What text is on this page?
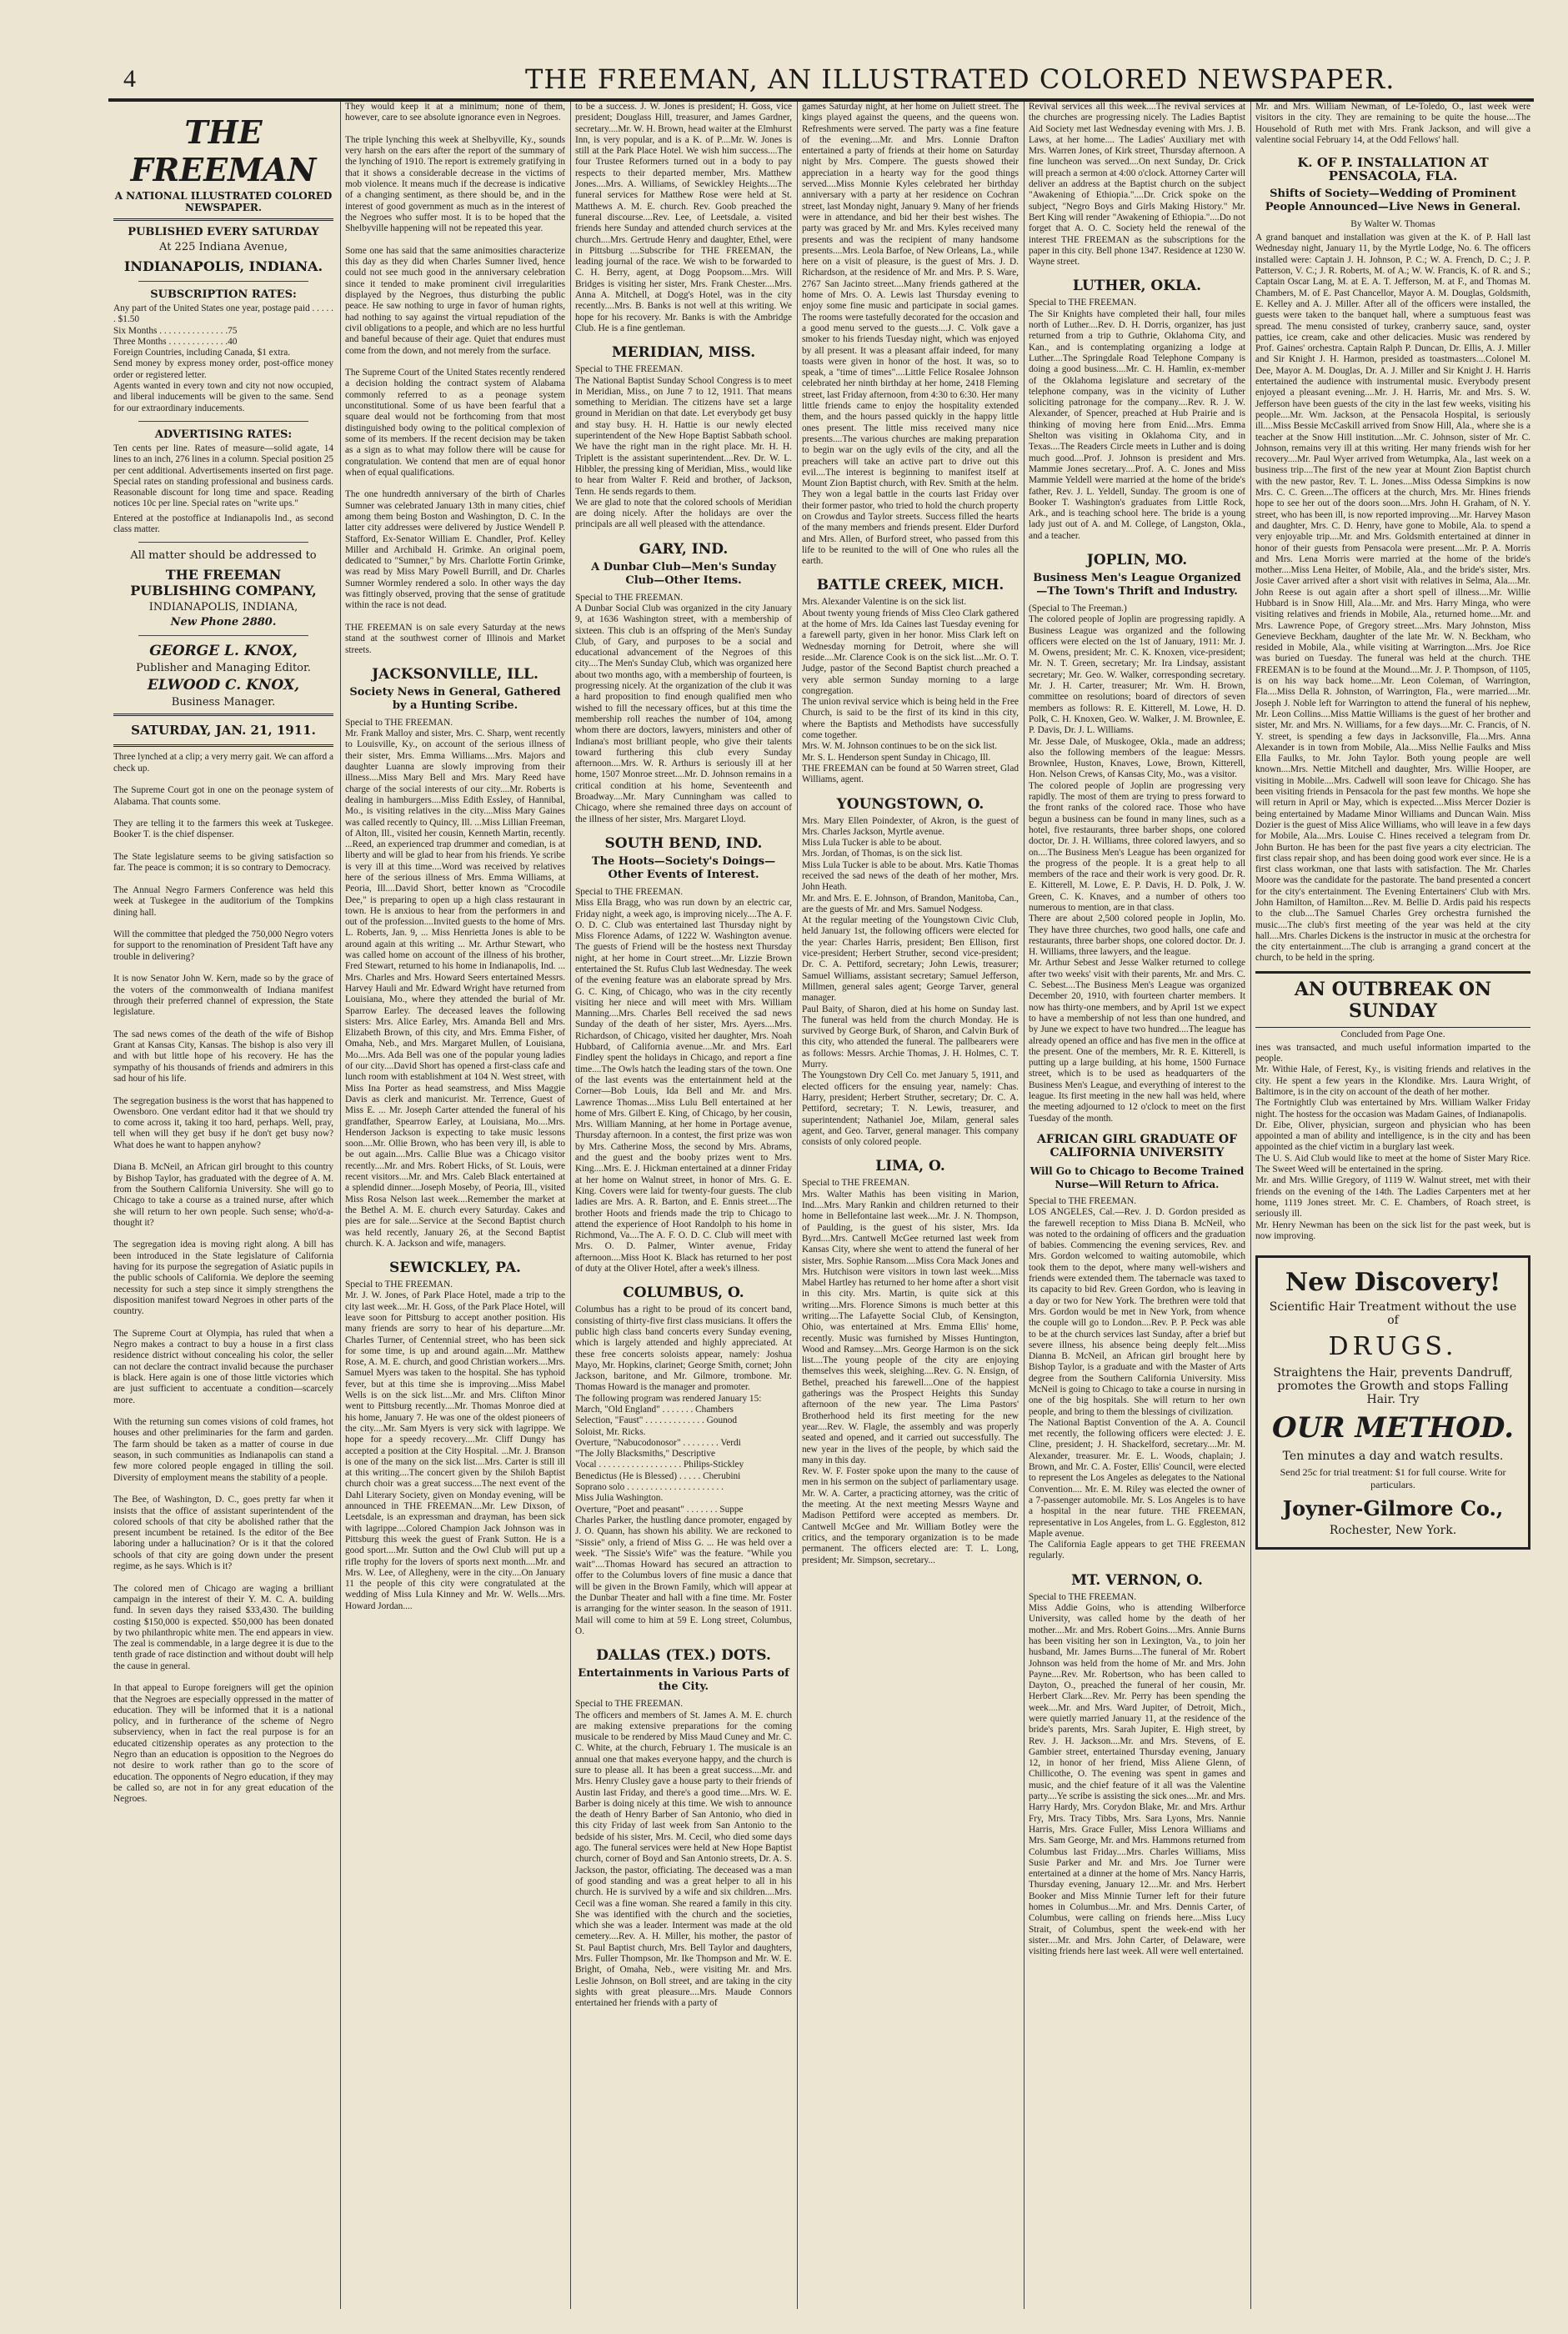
4	THE FREEMAN, AN ILLUSTRATED COLORED NEWSPAPER.
THE FREEMAN
A NATIONAL ILLUSTRATED COLORED NEWSPAPER.
PUBLISHED EVERY SATURDAY
At 225 Indiana Avenue,
INDIANAPOLIS, INDIANA.
SUBSCRIPTION RATES:

Any part of the United States one year, postage paid . . . . . . $1.50
Six Months . . . . . . . . . . . . . . .75
Three Months . . . . . . . . . . . . .40
Foreign Countries, including Canada, $1 extra.
Send money by express money order, post-office money order or registered letter.
Agents wanted in every town and city not now occupied, and liberal inducements will be given to the same. Send for our extraordinary inducements.

ADVERTISING RATES:

Ten cents per line. Rates of measure—solid agate, 14 lines to an inch, 276 lines in a column. Special position 25 per cent additional. Advertisements inserted on first page. Special rates on standing professional and business cards. Reasonable discount for long time and space. Reading notices 10c per line. Special rates on "write ups."

Entered at the postoffice at Indianapolis Ind., as second class matter.

All matter should be addressed to
THE FREEMAN PUBLISHING COMPANY,
INDIANAPOLIS, INDIANA,
New Phone 2880.
GEORGE L. KNOX,
Publisher and Managing Editor.
ELWOOD C. KNOX,
Business Manager.
SATURDAY, JAN. 21, 1911.

Three lynched at a clip; a very merry gait. We can afford a check up.

The Supreme Court got in one on the peonage system of Alabama. That counts some.

They are telling it to the farmers this week at Tuskegee. Booker T. is the chief dispenser.

The State legislature seems to be giving satisfaction so far. The peace is common; it is so contrary to Democracy.

The Annual Negro Farmers Conference was held this week at Tuskegee in the auditorium of the Tompkins dining hall.

Will the committee that pledged the 750,000 Negro voters for support to the renomination of President Taft have any trouble in delivering?

It is now Senator John W. Kern, made so by the grace of the voters of the commonwealth of Indiana manifest through their preferred channel of expression, the State legislature.

The sad news comes of the death of the wife of Bishop Grant at Kansas City, Kansas. The bishop is also very ill and with but little hope of his recovery. He has the sympathy of his thousands of friends and admirers in this sad hour of his life.

The segregation business is the worst that has happened to Owensboro. One verdant editor had it that we should try to come across it, taking it too hard, perhaps. Well, pray, tell when will they get busy if he don't get busy now? What does he want to happen anyhow?

Diana B. McNeil, an African girl brought to this country by Bishop Taylor, has graduated with the degree of A. M. from the Southern California University. She will go to Chicago to take a course as a trained nurse, after which she will return to her own people. Such sense; who'd-a-thought it?

The segregation idea is moving right along. A bill has been introduced in the State legislature of California having for its purpose the segregation of Asiatic pupils in the public schools of California. We deplore the seeming necessity for such a step since it simply strengthens the disposition manifest toward Negroes in other parts of the country.

The Supreme Court at Olympia, has ruled that when a Negro makes a contract to buy a house in a first class residence district without concealing his color, the seller can not declare the contract invalid because the purchaser is black. Here again is one of those little victories which are just sufficient to accentuate a condition—scarcely more.

With the returning sun comes visions of cold frames, hot houses and other preliminaries for the farm and garden. The farm should be taken as a matter of course in due season, in such communities as Indianapolis can stand a few more colored people engaged in tilling the soil. Diversity of employment means the stability of a people.

The Bee, of Washington, D. C., goes pretty far when it insists that the office of assistant superintendent of the colored schools of that city be abolished rather that the present incumbent be retained. Is the editor of the Bee laboring under a hallucination? Or is it that the colored schools of that city are going down under the present regime, as he says. Which is it?

The colored men of Chicago are waging a brilliant campaign in the interest of their Y. M. C. A. building fund. In seven days they raised $33,430. The building costing $150,000 is expected. $50,000 has been donated by two philanthropic white men. The end appears in view. The zeal is commendable, in a large degree it is due to the tenth grade of race distinction and without doubt will help the cause in general.

In that appeal to Europe foreigners will get the opinion that the Negroes are especially oppressed in the matter of education. They will be informed that it is a national policy, and in furtherance of the scheme of Negro subserviency, when in fact the real purpose is for an educated citizenship operates as any protection to the Negro than an education is opposition to the Negroes do not desire to work rather than go to the score of education. The opponents of Negro education, if they may be called so, are not in for any great education of the Negroes.

They would keep it at a minimum; none of them, however, care to see absolute ignorance even in Negroes.

The triple lynching this week at Shelbyville, Ky., sounds very harsh on the ears after the report of the summary of the lynching of 1910. The report is extremely gratifying in that it shows a considerable decrease in the victims of mob violence. It means much if the decrease is indicative of a changing sentiment, as there should be, and in the interest of good government as much as in the interest of the Negroes who suffer most. It is to be hoped that the Shelbyville happening will not be repeated this year.

Some one has said that the same animosities characterize this day as they did when Charles Sumner lived, hence could not see much good in the anniversary celebration since it tended to make prominent civil irregularities displayed by the Negroes, thus disturbing the public peace. He saw nothing to urge in favor of human rights, had nothing to say against the virtual repudiation of the civil obligations to a people, and which are no less hurtful and baneful because of their age. Quiet that endures must come from the down, and not merely from the surface.

The Supreme Court of the United States recently rendered a decision holding the contract system of Alabama commonly referred to as a peonage system unconstitutional. Some of us have been fearful that a square deal would not be forthcoming from that most distinguished body owing to the political complexion of some of its members. If the recent decision may be taken as a sign as to what may follow there will be cause for congratulation. We contend that men are of equal honor when of equal qualifications.

The one hundredth anniversary of the birth of Charles Sumner was celebrated January 13th in many cities, chief among them being Boston and Washington, D. C. In the latter city addresses were delivered by Justice Wendell P. Stafford, Ex-Senator William E. Chandler, Prof. Kelley Miller and Archibald H. Grimke. An original poem, dedicated to "Sumner," by Mrs. Charlotte Fortin Grimke, was read by Miss Mary Powell Burrill, and Dr. Charles Sumner Wormley rendered a solo. In other ways the day was fittingly observed, proving that the sense of gratitude within the race is not dead.

THE FREEMAN is on sale every Saturday at the news stand at the southwest corner of Illinois and Market streets.

JACKSONVILLE, ILL.
Society News in General, Gathered by a Hunting Scribe.

Special to THE FREEMAN.
Mr. Frank Malloy and sister, Mrs. C. Sharp, went recently to Louisville, Ky., on account of the serious illness of their sister, Mrs. Emma Williams....Mrs. Majors and daughter Luanna are slowly improving from their illness....Miss Mary Bell and Mrs. Mary Reed have charge of the social interests of our city....Mr. Roberts is dealing in hamburgers....Miss Edith Essley, of Hannibal, Mo., is visiting relatives in the city....Miss Mary Gaines was called recently to Quincy, Ill. ...Miss Lillian Freeman, of Alton, Ill., visited her cousin, Kenneth Martin, recently. ...Reed, an experienced trap drummer and comedian, is at liberty and will be glad to hear from his friends. Ye scribe is very ill at this time....Word was received by relatives here of the serious illness of Mrs. Emma Williams, at Peoria, Ill....David Short, better known as "Crocodile Dee," is preparing to open up a high class restaurant in town. He is anxious to hear from the performers in and out of the profession....Invited guests to the home of Mrs. L. Roberts, Jan. 9, ... Miss Henrietta Jones is able to be around again at this writing ... Mr. Arthur Stewart, who was called home on account of the illness of his brother, Fred Stewart, returned to his home in Indianapolis, Ind. ... Mrs. Charles and Mrs. Howard Seers entertained Messrs. Harvey Hauli and Mr. Edward Wright have returned from Louisiana, Mo., where they attended the burial of Mr. Sparrow Earley. The deceased leaves the following sisters: Mrs. Alice Earley, Mrs. Amanda Bell and Mrs. Elizabeth Brown, of this city, and Mrs. Emma Fisher, of Omaha, Neb., and Mrs. Margaret Mullen, of Louisiana, Mo....Mrs. Ada Bell was one of the popular young ladies of our city....David Short has opened a first-class cafe and lunch room with establishment at 104 N. West street, with Miss Ina Porter as head seamstress, and Miss Maggie Davis as clerk and manicurist. Mr. Terrence, Guest of Miss E. ... Mr. Joseph Carter attended the funeral of his grandfather, Spearrow Earley, at Louisiana, Mo....Mrs. Henderson Jackson is expecting to take music lessons soon....Mr. Ollie Brown, who has been very ill, is able to be out again....Mrs. Callie Blue was a Chicago visitor recently....Mr. and Mrs. Robert Hicks, of St. Louis, were recent visitors....Mr. and Mrs. Caleb Black entertained at a splendid dinner....Joseph Moseby, of Peoria, Ill., visited Miss Rosa Nelson last week....Remember the market at the Bethel A. M. E. church every Saturday. Cakes and pies are for sale....Service at the Second Baptist church was held recently, January 26, at the Second Baptist church. K. A. Jackson and wife, managers.

SEWICKLEY, PA.

Special to THE FREEMAN.
Mr. J. W. Jones, of Park Place Hotel, made a trip to the city last week....Mr. H. Goss, of the Park Place Hotel, will leave soon for Pittsburg to accept another position. His many friends are sorry to hear of his departure....Mr. Charles Turner, of Centennial street, who has been sick for some time, is up and around again....Mr. Matthew Rose, A. M. E. church, and good Christian workers....Mrs. Samuel Myers was taken to the hospital. She has typhoid fever, but at this time she is improving....Miss Mabel Wells is on the sick list....Mr. and Mrs. Clifton Minor went to Pittsburg recently....Mr. Thomas Monroe died at his home, January 7. He was one of the oldest pioneers of the city....Mr. Sam Myers is very sick with lagrippe. We hope for a speedy recovery....Mr. Cliff Dungy has accepted a position at the City Hospital. ...Mr. J. Branson is one of the many on the sick list....Mrs. Carter is still ill at this writing....The concert given by the Shiloh Baptist church choir was a great success....The next event of the Dahl Literary Society, given on Monday evening, will be announced in THE FREEMAN....Mr. Lew Dixson, of Leetsdale, is an expressman and drayman, has been sick with lagrippe....Colored Champion Jack Johnson was in Pittsburg this week the guest of Frank Sutton. He is a good sport....Mr. Sutton and the Owl Club will put up a rifle trophy for the lovers of sports next month....Mr. and Mrs. W. Lee, of Allegheny, were in the city....On January 11 the people of this city were congratulated at the wedding of Miss Lula Kinney and Mr. W. Wells....Mrs. Howard Jordan....

to be a success. J. W. Jones is president; H. Goss, vice president; Douglass Hill, treasurer, and James Gardner, secretary....Mr. W. H. Brown, head waiter at the Elmhurst Inn, is very popular, and is a K. of P....Mr. W. Jones is still at the Park Place Hotel. We wish him success....The four Trustee Reformers turned out in a body to pay respects to their departed member, Mrs. Matthew Jones....Mrs. A. Williams, of Sewickley Heights....The funeral services for Matthew Rose were held at St. Matthews A. M. E. church. Rev. Goob preached the funeral discourse....Rev. Lee, of Leetsdale, a. visited friends here Sunday and attended church services at the church....Mrs. Gertrude Henry and daughter, Ethel, were in Pittsburg ....Subscribe for THE FREEMAN, the leading journal of the race. We wish to be forwarded to C. H. Berry, agent, at Dogg Poopsom....Mrs. Will Bridges is visiting her sister, Mrs. Frank Chester....Mrs. Anna A. Mitchell, at Dogg's Hotel, was in the city recently....Mrs. B. Banks is not well at this writing. We hope for his recovery. Mr. Banks is with the Ambridge Club. He is a fine gentleman.

MERIDIAN, MISS.

Special to THE FREEMAN.
The National Baptist Sunday School Congress is to meet in Meridian, Miss., on June 7 to 12, 1911. That means something to Meridian. The citizens have set a large ground in Meridian on that date. Let everybody get busy and stay busy. H. H. Hattie is our newly elected superintendent of the New Hope Baptist Sabbath school. We have the right man in the right place. Mr. H. H. Triplett is the assistant superintendent....Rev. Dr. W. L. Hibbler, the pressing king of Meridian, Miss., would like to hear from Walter F. Reid and brother, of Jackson, Tenn. He sends regards to them.
We are glad to note that the colored schools of Meridian are doing nicely. After the holidays are over the principals are all well pleased with the attendance.

GARY, IND.
A Dunbar Club—Men's Sunday Club—Other Items.

Special to THE FREEMAN.
A Dunbar Social Club was organized in the city January 9, at 1636 Washington street, with a membership of sixteen. This club is an offspring of the Men's Sunday Club, of Gary, and purposes to be a social and educational advancement of the Negroes of this city....The Men's Sunday Club, which was organized here about two months ago, with a membership of fourteen, is progressing nicely. At the organization of the club it was a hard proposition to find enough qualified men who wished to fill the necessary offices, but at this time the membership roll reaches the number of 104, among whom there are doctors, lawyers, ministers and other of Indiana's most brilliant people, who give their talents toward furthering this club every Sunday afternoon....Mrs. W. R. Arthurs is seriously ill at her home, 1507 Monroe street....Mr. D. Johnson remains in a critical condition at his home, Seventeenth and Broadway....Mr. Mary Cunningham was called to Chicago, where she remained three days on account of the illness of her sister, Mrs. Margaret Lloyd.

SOUTH BEND, IND.
The Hoots—Society's Doings—Other Events of Interest.

Special to THE FREEMAN.
Miss Ella Bragg, who was run down by an electric car, Friday night, a week ago, is improving nicely....The A. F. O. D. C. Club was entertained last Thursday night by Miss Florence Adams, of 1222 W. Washington avenue. The guests of Friend will be the hostess next Thursday night, at her home in Court street....Mr. Lizzie Brown entertained the St. Rufus Club last Wednesday. The week of the evening feature was an elaborate spread by Mrs. G. C. King, of Chicago, who was in the city recently visiting her niece and will meet with Mrs. William Manning....Mrs. Charles Bell received the sad news Sunday of the death of her sister, Mrs. Ayers....Mrs. Richardson, of Chicago, visited her daughter, Mrs. Noah Hubbard, of California avenue....Mr. and Mrs. Earl Findley spent the holidays in Chicago, and report a fine time....The Owls hatch the leading stars of the town. One of the last events was the entertainment held at the Corner—Bob Louis, Ida Bell and Mr. and Mrs. Lawrence Thomas....Miss Lulu Bell entertained at her home of Mrs. Gilbert E. King, of Chicago, by her cousin, Mrs. William Manning, at her home in Portage avenue, Thursday afternoon. In a contest, the first prize was won by Mrs. Catherine Moss, the second by Mrs. Abrams, and the guest and the booby prizes went to Mrs. King....Mrs. E. J. Hickman entertained at a dinner Friday at her home on Walnut street, in honor of Mrs. G. E. King. Covers were laid for twenty-four guests. The club ladies are Mrs. A. R. Barton, and E. Ennis street....The brother Hoots and friends made the trip to Chicago to attend the experience of Hoot Randolph to his home in Richmond, Va....The A. F. O. D. C. Club will meet with Mrs. O. D. Palmer, Winter avenue, Friday afternoon....Miss Hoot K. Black has returned to her post of duty at the Oliver Hotel, after a week's illness.

COLUMBUS, O.

Columbus has a right to be proud of its concert band, consisting of thirty-five first class musicians. It offers the public high class band concerts every Sunday evening, which is largely attended and highly appreciated. At these free concerts soloists appear, namely: Joshua Mayo, Mr. Hopkins, clarinet; George Smith, cornet; John Jackson, baritone, and Mr. Gilmore, trombone. Mr. Thomas Howard is the manager and promoter.
The following program was rendered January 15:
March, "Old England" . . . . . . . Chambers
Selection, "Faust" . . . . . . . . . . . . . Gounod
Soloist, Mr. Ricks.
Overture, "Nabucodonosor" . . . . . . . . Verdi
"The Jolly Blacksmiths," Descriptive
Vocal . . . . . . . . . . . . . . . . . . Philips-Stickley
Benedictus (He is Blessed) . . . . . Cherubini
Soprano solo . . . . . . . . . . . . . . . . . . . . .
Miss Julia Washington.
Overture, "Poet and peasant" . . . . . . . Suppe
Charles Parker, the hustling dance promoter, engaged by J. O. Quann, has shown his ability. We are reckoned to "Sissie" only, a friend of Miss G. ... He was held over a week. "The Sissie's Wife" was the feature. "While you wait"....Thomas Howard has secured an attraction to offer to the Columbus lovers of fine music a dance that will be given in the Brown Family, which will appear at the Dunbar Theater and hall with a fine time. Mr. Foster is arranging for the winter season. In the season of 1911. Mail will come to him at 59 E. Long street, Columbus, O.

DALLAS (TEX.) DOTS.
Entertainments in Various Parts of the City.

Special to THE FREEMAN.
The officers and members of St. James A. M. E. church are making extensive preparations for the coming musicale to be rendered by Miss Maud Cuney and Mr. C. C. White, at the church, February 1. The musicale is an annual one that makes everyone happy, and the church is sure to please all. It has been a great success....Mr. and Mrs. Henry Clusley gave a house party to their friends of Austin last Friday, and there's a good time....Mrs. W. E. Barber is doing nicely at this time. We wish to announce the death of Henry Barber of San Antonio, who died in this city Friday of last week from San Antonio to the bedside of his sister, Mrs. M. Cecil, who died some days ago. The funeral services were held at New Hope Baptist church, corner of Boyd and San Antonio streets, Dr. A. S. Jackson, the pastor, officiating. The deceased was a man of good standing and was a great helper to all in his church. He is survived by a wife and six children....Mrs. Cecil was a fine woman. She reared a family in this city. She was identified with the church and the societies, which she was a leader. Interment was made at the old cemetery....Rev. A. H. Miller, his mother, the pastor of St. Paul Baptist church, Mrs. Bell Taylor and daughters, Mrs. Fuller Thompson, Mr. Ike Thompson and Mr. W. E. Bright, of Omaha, Neb., were visiting Mr. and Mrs. Leslie Johnson, on Boll street, and are taking in the city sights with great pleasure....Mrs. Maude Connors entertained her friends with a party of

games Saturday night, at her home on Juliett street. The kings played against the queens, and the queens won. Refreshments were served. The party was a fine feature of the evening....Mr. and Mrs. Lonnie Drafton entertained a party of friends at their home on Saturday night by Mrs. Compere. The guests showed their appreciation in a hearty way for the good things served....Miss Monnie Kyles celebrated her birthday anniversary with a party at her residence on Cochran street, last Monday night, January 9. Many of her friends were in attendance, and bid her their best wishes. The party was graced by Mr. and Mrs. Kyles received many presents and was the recipient of many handsome presents....Mrs. Leola Barfoe, of New Orleans, La., while here on a visit of pleasure, is the guest of Mrs. J. D. Richardson, at the residence of Mr. and Mrs. P. S. Ware, 2767 San Jacinto street....Many friends gathered at the home of Mrs. O. A. Lewis last Thursday evening to enjoy some fine music and participate in social games. The rooms were tastefully decorated for the occasion and a good menu served to the guests....J. C. Volk gave a smoker to his friends Tuesday night, which was enjoyed by all present. It was a pleasant affair indeed, for many toasts were given in honor of the host. It was, so to speak, a "time of times"....Little Felice Rosalee Johnson celebrated her ninth birthday at her home, 2418 Fleming street, last Friday afternoon, from 4:30 to 6:30. Her many little friends came to enjoy the hospitality extended them, and the hours passed quickly in the happy little ones present. The little miss received many nice presents....The various churches are making preparation to begin war on the ugly evils of the city, and all the preachers will take an active part to drive out this evil....The interest is beginning to manifest itself at Mount Zion Baptist church, with Rev. Smith at the helm. They won a legal battle in the courts last Friday over their former pastor, who tried to hold the church property on Crowdus and Taylor streets. Success filled the hearts of the many members and friends present. Elder Durford and Mrs. Allen, of Burford street, who passed from this life to be reunited to the will of One who rules all the earth.

BATTLE CREEK, MICH.

Mrs. Alexander Valentine is on the sick list.
About twenty young friends of Miss Cleo Clark gathered at the home of Mrs. Ida Caines last Tuesday evening for a farewell party, given in her honor. Miss Clark left on Wednesday morning for Detroit, where she will reside....Mr. Clarence Cook is on the sick list....Mr. O. T. Judge, pastor of the Second Baptist church preached a very able sermon Sunday morning to a large congregation.
The union revival service which is being held in the Free Church, is said to be the first of its kind in this city, where the Baptists and Methodists have successfully come together.
Mrs. W. M. Johnson continues to be on the sick list.
Mr. S. L. Henderson spent Sunday in Chicago, Ill.
THE FREEMAN can be found at 50 Warren street, Glad Williams, agent.

YOUNGSTOWN, O.

Mrs. Mary Ellen Poindexter, of Akron, is the guest of Mrs. Charles Jackson, Myrtle avenue.
Miss Lula Tucker is able to be about.
Mrs. Jordan, of Thomas, is on the sick list.
Miss Lula Tucker is able to be about. Mrs. Katie Thomas received the sad news of the death of her mother, Mrs. John Heath.
Mr. and Mrs. E. E. Johnson, of Brandon, Manitoba, Can., are the guests of Mr. and Mrs. Samuel Nodgess.
At the regular meeting of the Youngstown Civic Club, held January 1st, the following officers were elected for the year: Charles Harris, president; Ben Ellison, first vice-president; Herbert Struther, second vice-president; Dr. C. A. Pettiford, secretary; John Lewis, treasurer; Samuel Williams, assistant secretary; Samuel Jefferson, Millmen, general sales agent; George Tarver, general manager.
Paul Baity, of Sharon, died at his home on Sunday last. The funeral was held from the church Monday. He is survived by George Burk, of Sharon, and Calvin Burk of this city, who attended the funeral. The pallbearers were as follows: Messrs. Archie Thomas, J. H. Holmes, C. T. Murry.
The Youngstown Dry Cell Co. met January 5, 1911, and elected officers for the ensuing year, namely: Chas. Harry, president; Herbert Struther, secretary; Dr. C. A. Pettiford, secretary; T. N. Lewis, treasurer, and superintendent; Nathaniel Joe, Milam, general sales agent, and Geo. Tarver, general manager. This company consists of only colored people.

LIMA, O.

Special to THE FREEMAN.
Mrs. Walter Mathis has been visiting in Marion, Ind....Mrs. Mary Rankin and children returned to their home in Bellefontaine last week....Mr. J. N. Thompson, of Paulding, is the guest of his sister, Mrs. Ida Byrd....Mrs. Cantwell McGee returned last week from Kansas City, where she went to attend the funeral of her sister, Mrs. Sophie Ransom....Miss Cora Mack Jones and Mrs. Hutchison were visitors in town last week....Miss Mabel Hartley has returned to her home after a short visit in this city. Mrs. Martin, is quite sick at this writing....Mrs. Florence Simons is much better at this writing....The Lafayette Social Club, of Kensington, Ohio, was entertained at Mrs. Emma Ellis' home, recently. Music was furnished by Misses Huntington, Wood and Ramsey....Mrs. George Harmon is on the sick list....The young people of the city are enjoying themselves this week, sleighing....Rev. G. N. Ensign, of Bethel, preached his farewell....One of the happiest gatherings was the Prospect Heights this Sunday afternoon of the new year. The Lima Pastors' Brotherhood held its first meeting for the new year....Rev. W. Flagle, the assembly and was properly seated and opened, and it carried out successfully. The new year in the lives of the people, by which said the many in this day.
Rev. W. F. Foster spoke upon the many to the cause of men in his sermon on the subject of parliamentary usage. Mr. W. A. Carter, a practicing attorney, was the critic of the meeting. At the next meeting Messrs Wayne and Madison Pettiford were accepted as members. Dr. Cantwell McGee and Mr. William Botley were the critics, and the temporary organization is to be made permanent. The officers elected are: T. L. Long, president; Mr. Simpson, secretary...

Revival services all this week....The revival services at the churches are progressing nicely. The Ladies Baptist Aid Society met last Wednesday evening with Mrs. J. B. Laws, at her home.... The Ladies' Auxiliary met with Mrs. Warren Jones, of Kirk street, Thursday afternoon. A fine luncheon was served....On next Sunday, Dr. Crick will preach a sermon at 4:00 o'clock. Attorney Carter will deliver an address at the Baptist church on the subject "Awakening of Ethiopia."....Dr. Crick spoke on the subject, "Negro Boys and Girls Making History." Mr. Bert King will render "Awakening of Ethiopia."....Do not forget that A. O. C. Society held the renewal of the interest THE FREEMAN as the subscriptions for the paper in this city. Bell phone 1347. Residence at 1230 W. Wayne street.

LUTHER, OKLA.

Special to THE FREEMAN.
The Sir Knights have completed their hall, four miles north of Luther....Rev. D. H. Dorris, organizer, has just returned from a trip to Guthrie, Oklahoma City, and Kan., and is contemplating organizing a lodge at Luther....The Springdale Road Telephone Company is doing a good business....Mr. C. H. Hamlin, ex-member of the Oklahoma legislature and secretary of the telephone company, was in the vicinity of Luther soliciting patronage for the company....Rev. R. J. W. Alexander, of Spencer, preached at Hub Prairie and is thinking of moving here from Enid....Mrs. Emma Shelton was visiting in Oklahoma City, and in Texas....The Readers Circle meets in Luther and is doing much good....Prof. J. Johnson is president and Mrs. Mammie Jones secretary....Prof. A. C. Jones and Miss Mammie Yeldell were married at the home of the bride's father, Rev. J. L. Yeldell, Sunday. The groom is one of Booker T. Washington's graduates from Little Rock, Ark., and is teaching school here. The bride is a young lady just out of A. and M. College, of Langston, Okla., and a teacher.

JOPLIN, MO.
Business Men's League Organized—The Town's Thrift and Industry.

(Special to The Freeman.)
The colored people of Joplin are progressing rapidly. A Business League was organized and the following officers were elected on the 1st of January, 1911: Mr. J. M. Owens, president; Mr. C. K. Knoxen, vice-president; Mr. N. T. Green, secretary; Mr. Ira Lindsay, assistant secretary; Mr. Geo. W. Walker, corresponding secretary. Mr. J. H. Carter, treasurer; Mr. Wm. H. Brown, committee on resolutions; board of directors of seven members as follows: R. E. Kitterell, M. Lowe, H. D. Polk, C. H. Knoxen, Geo. W. Walker, J. M. Brownlee, E. P. Davis, Dr. J. L. Williams.
Mr. Jesse Dale, of Muskogee, Okla., made an address; also the following members of the league: Messrs. Brownlee, Huston, Knaves, Lowe, Brown, Kitterell, Hon. Nelson Crews, of Kansas City, Mo., was a visitor.
The colored people of Joplin are progressing very rapidly. The most of them are trying to press forward to the front ranks of the colored race. Those who have begun a business can be found in many lines, such as a hotel, five restaurants, three barber shops, one colored doctor, Dr. J. H. Williams, three colored lawyers, and so on....The Business Men's League has been organized for the progress of the people. It is a great help to all members of the race and their work is very good. Dr. R. E. Kitterell, M. Lowe, E. P. Davis, H. D. Polk, J. W. Green, C. K. Knaves, and a number of others too numerous to mention, are in that class.
There are about 2,500 colored people in Joplin, Mo. They have three churches, two good halls, one cafe and restaurants, three barber shops, one colored doctor. Dr. J. H. Williams, three lawyers, and the league.
Mr. Arthur Sebest and Jesse Walker returned to college after two weeks' visit with their parents, Mr. and Mrs. C. C. Sebest....The Business Men's League was organized December 20, 1910, with fourteen charter members. It now has thirty-one members, and by April 1st we expect to have a membership of not less than one hundred, and by June we expect to have two hundred....The league has already opened an office and has five men in the office at the present. One of the members, Mr. R. E. Kitterell, is putting up a large building, at his home, 1500 Furnace street, which is to be used as headquarters of the Business Men's League, and everything of interest to the league. Its first meeting in the new hall was held, where the meeting adjourned to 12 o'clock to meet on the first Tuesday of the month.

AFRICAN GIRL GRADUATE OF CALIFORNIA UNIVERSITY
Will Go to Chicago to Become Trained Nurse—Will Return to Africa.

Special to THE FREEMAN.
LOS ANGELES, Cal.—Rev. J. D. Gordon presided as the farewell reception to Miss Diana B. McNeil, who was noted to the ordaining of officers and the graduation of babies. Commencing the evening services, Rev. and Mrs. Gordon welcomed to waiting automobile, which took them to the depot, where many well-wishers and friends were extended them. The tabernacle was taxed to its capacity to bid Rev. Green Gordon, who is leaving in a day or two for New York. The brethren were told that Mrs. Gordon would be met in New York, from whence the couple will go to London....Rev. P. P. Peck was able to be at the church services last Sunday, after a brief but severe illness, his absence being deeply felt....Miss Dianna B. McNeil, an African girl brought here by Bishop Taylor, is a graduate and with the Master of Arts degree from the Southern California University. Miss McNeil is going to Chicago to take a course in nursing in one of the big hospitals. She will return to her own people, and bring to them the blessings of civilization.
The National Baptist Convention of the A. A. Council met recently, the following officers were elected: J. E. Cline, president; J. H. Shackelford, secretary....Mr. M. Alexander, treasurer. Mr. E. L. Woods, chaplain; J. Brown, and Mr. C. A. Foster, Ellis' Council, were elected to represent the Los Angeles as delegates to the National Convention.... Mr. E. M. Riley was elected the owner of a 7-passenger automobile. Mr. S. Los Angeles is to have a hospital in the near future. THE FREEMAN, representative in Los Angeles, from L. G. Eggleston, 812 Maple avenue.
The California Eagle appears to get THE FREEMAN regularly.

MT. VERNON, O.

Special to THE FREEMAN.
Miss Addie Goins, who is attending Wilberforce University, was called home by the death of her mother....Mr. and Mrs. Robert Goins....Mrs. Annie Burns has been visiting her son in Lexington, Va., to join her husband, Mr. James Burns....The funeral of Mr. Robert Johnson was held from the home of Mr. and Mrs. John Payne....Rev. Mr. Robertson, who has been called to Dayton, O., preached the funeral of her cousin, Mr. Herbert Clark....Rev. Mr. Perry has been spending the week....Mr. and Mrs. Ward Jupiter, of Detroit, Mich., were quietly married January 11, at the residence of the bride's parents, Mrs. Sarah Jupiter, E. High street, by Rev. J. H. Jackson....Mr. and Mrs. Stevens, of E. Gambier street, entertained Thursday evening, January 12, in honor of her friend, Miss Aliene Glenn, of Chillicothe, O. The evening was spent in games and music, and the chief feature of it all was the Valentine party....Ye scribe is assisting the sick ones....Mr. and Mrs. Harry Hardy, Mrs. Corydon Blake, Mr. and Mrs. Arthur Fry, Mrs. Tracy Tibbs, Mrs. Sara Lyons, Mrs. Nannie Harris, Mrs. Grace Fuller, Miss Lenora Williams and Mrs. Sam George, Mr. and Mrs. Hammons returned from Columbus last Friday....Mrs. Charles Williams, Miss Susie Parker and Mr. and Mrs. Joe Turner were entertained at a dinner at the home of Mrs. Nancy Harris, Thursday evening, January 12....Mr. and Mrs. Herbert Booker and Miss Minnie Turner left for their future homes in Columbus....Mr. and Mrs. Dennis Carter, of Columbus, were calling on friends here....Miss Lucy Strait, of Columbus, spent the week-end with her sister....Mr. and Mrs. John Carter, of Delaware, were visiting friends here last week. All were well entertained.

Mr. and Mrs. William Newman, of Le-Toledo, O., last week were visitors in the city. They are remaining to be quite the house....The Household of Ruth met with Mrs. Frank Jackson, and will give a valentine social February 14, at the Odd Fellows' hall.

K. OF P. INSTALLATION AT PENSACOLA, FLA.
Shifts of Society—Wedding of Prominent People Announced—Live News in General.
By Walter W. Thomas

A grand banquet and installation was given at the K. of P. Hall last Wednesday night, January 11, by the Myrtle Lodge, No. 6. The officers installed were: Captain J. H. Johnson, P. C.; W. A. French, D. C.; J. P. Patterson, V. C.; J. R. Roberts, M. of A.; W. W. Francis, K. of R. and S.; Captain Oscar Lang, M. at E. A. T. Jefferson, M. at F., and Thomas M. Chambers, M. of E. Past Chancellor, Mayor A. M. Douglas, Goldsmith, E. Kelley and A. J. Miller. After all of the officers were installed, the guests were taken to the banquet hall, where a sumptuous feast was spread. The menu consisted of turkey, cranberry sauce, sand, oyster patties, ice cream, cake and other delicacies. Music was rendered by Prof. Gaines' orchestra. Captain Ralph P. Duncan, Dr. Ellis, A. J. Miller and Sir Knight J. H. Harmon, presided as toastmasters....Colonel M. Dee, Mayor A. M. Douglas, Dr. A. J. Miller and Sir Knight J. H. Harris entertained the audience with instrumental music. Everybody present enjoyed a pleasant evening....Mr. J. H. Harris, Mr. and Mrs. S. W. Jefferson have been guests of the city in the last few weeks, visiting his people....Mr. Wm. Jackson, at the Pensacola Hospital, is seriously ill....Miss Bessie McCaskill arrived from Snow Hill, Ala., where she is a teacher at the Snow Hill institution....Mr. C. Johnson, sister of Mr. C. Johnson, remains very ill at this writing. Her many friends wish for her recovery....Mr. Paul Wyer arrived from Wetumpka, Ala., last week on a business trip....The first of the new year at Mount Zion Baptist church with the new pastor, Rev. T. L. Jones....Miss Odessa Simpkins is now Mrs. C. C. Green....The officers at the church, Mrs. Mr. Hines friends hope to see her out of the doors soon....Mrs. John H. Graham, of N. Y. street, who has been ill, is now reported improving....Mr. Harvey Mason and daughter, Mrs. C. D. Henry, have gone to Mobile, Ala. to spend a very enjoyable trip....Mr. and Mrs. Goldsmith entertained at dinner in honor of their guests from Pensacola were present....Mr. P. A. Morris and Mrs. Lena Morris were married at the home of the bride's mother....Miss Lena Heiter, of Mobile, Ala., and the bride's sister, Mrs. Josie Caver arrived after a short visit with relatives in Selma, Ala....Mr. John Reese is out again after a short spell of illness....Mr. Willie Hubbard is in Snow Hill, Ala....Mr. and Mrs. Harry Minga, who were visiting relatives and friends in Mobile, Ala., returned home....Mr. and Mrs. Lawrence Pope, of Gregory street....Mrs. Mary Johnston, Miss Genevieve Beckham, daughter of the late Mr. W. N. Beckham, who resided in Mobile, Ala., while visiting at Warrington....Mrs. Joe Rice was buried on Tuesday. The funeral was held at the church. THE FREEMAN is to be found at the Mound....Mr. J. P. Thompson, of 1105, is on his way back home....Mr. Leon Coleman, of Warrington, Fla....Miss Della R. Johnston, of Warrington, Fla., were married....Mr. Joseph J. Noble left for Warrington to attend the funeral of his nephew, Mr. Leon Collins....Miss Mattie Williams is the guest of her brother and sister, Mr. and Mrs. N. Williams, for a few days....Mr. C. Francis, of N. Y. street, is spending a few days in Jacksonville, Fla....Mrs. Anna Alexander is in town from Mobile, Ala....Miss Nellie Faulks and Miss Ella Faulks, to Mr. John Taylor. Both young people are well known....Mrs. Nettie Mitchell and daughter, Mrs. Willie Hooper, are visiting in Mobile....Mrs. Cadwell will soon leave for Chicago. She has been visiting friends in Pensacola for the past few months. We hope she will return in April or May, which is expected....Miss Mercer Dozier is being entertained by Madame Minor Williams and Duncan Wain. Miss Dozier is the guest of Miss Alice Williams, who will leave in a few days for Mobile, Ala....Mrs. Louise C. Hines received a telegram from Dr. John Burton. He has been for the past five years a city electrician. The first class repair shop, and has been doing good work ever since. He is a first class workman, one that lasts with satisfaction. The Mr. Charles Moore was the candidate for the pastorate. The band presented a concert for the city's entertainment. The Evening Entertainers' Club with Mrs. John Hamilton, of Hamilton....Rev. M. Bellie D. Ardis paid his respects to the club....The Samuel Charles Grey orchestra furnished the music....The club's first meeting of the year was held at the city hall....Mrs. Charles Dickens is the instructor in music at the orchestra for the city entertainment....The club is arranging a grand concert at the church, to be held in the spring.

AN OUTBREAK ON SUNDAY
Concluded from Page One.

ines was transacted, and much useful information imparted to the people.
Mr. Withie Hale, of Ferest, Ky., is visiting friends and relatives in the city. He spent a few years in the Klondike. Mrs. Laura Wright, of Baltimore, is in the city on account of the death of her mother.
The Fortnightly Club was entertained by Mrs. William Walker Friday night. The hostess for the occasion was Madam Gaines, of Indianapolis.
Dr. Eibe, Oliver, physician, surgeon and physician who has been appointed a man of ability and intelligence, is in the city and has been appointed as the chief victim in a burglary last week.
The U. S. Aid Club would like to meet at the home of Sister Mary Rice. The Sweet Weed will be entertained in the spring.
Mr. and Mrs. Willie Gregory, of 1119 W. Walnut street, met with their friends on the evening of the 14th. The Ladies Carpenters met at her home, 1119 Jones street. Mr. C. E. Chambers, of Roach street, is seriously ill.
Mr. Henry Newman has been on the sick list for the past week, but is now improving.

New Discovery!
Scientific Hair Treatment without the use of
DRUGS.
Straightens the Hair, prevents Dandruff, promotes the Growth and stops Falling Hair. Try
OUR METHOD.
Ten minutes a day and watch results.
Send 25c for trial treatment: $1 for full course. Write for particulars.
Joyner-Gilmore Co.,
Rochester, New York.
